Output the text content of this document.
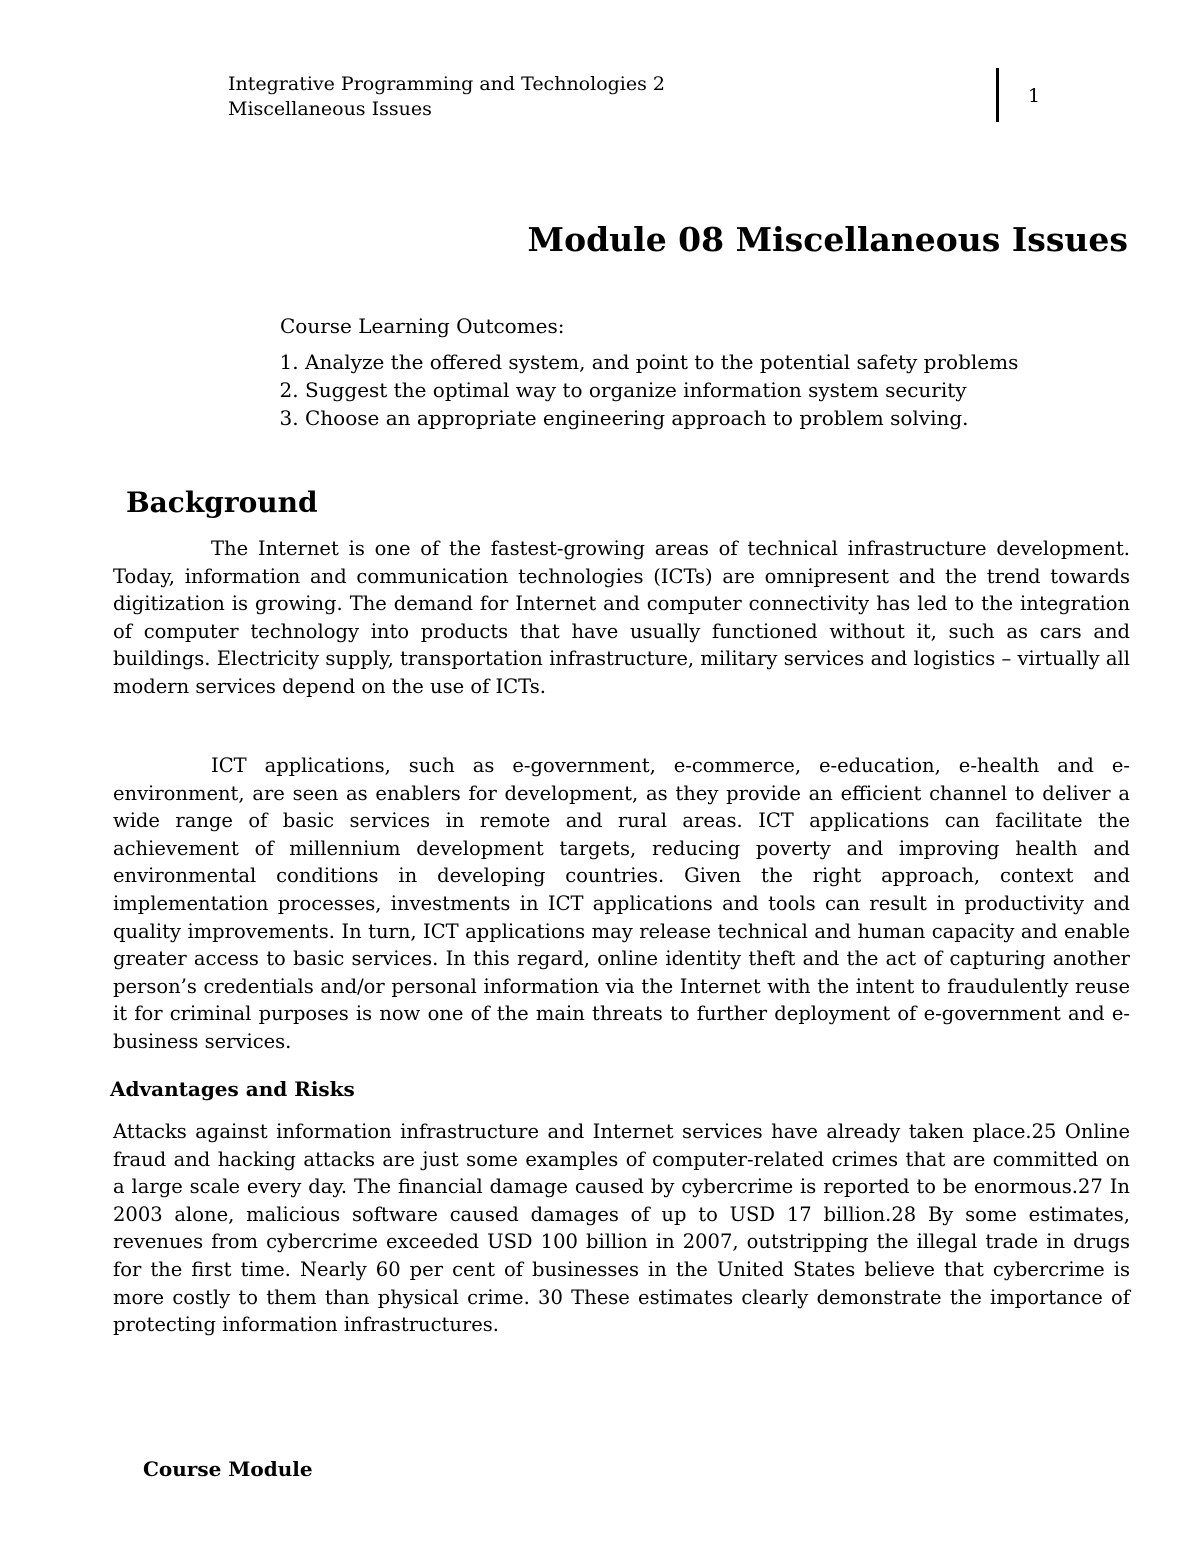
Integrative Programming and Technologies 2
Miscellaneous Issues
1
Module 08 Miscellaneous Issues
Course Learning Outcomes:
1. Analyze the offered system, and point to the potential safety problems
2. Suggest the optimal way to organize information system security
3. Choose an appropriate engineering approach to problem solving.
Background

The Internet is one of the fastest-growing areas of technical infrastructure development. Today, information and communication technologies (ICTs) are omnipresent and the trend towards digitization is growing. The demand for Internet and computer connectivity has led to the integration of computer technology into products that have usually functioned without it, such as cars and buildings. Electricity supply, transportation infrastructure, military services and logistics – virtually all modern services depend on the use of ICTs.

ICT applications, such as e-government, e-commerce, e-education, e-health and e-environment, are seen as enablers for development, as they provide an efficient channel to deliver a wide range of basic services in remote and rural areas. ICT applications can facilitate the achievement of millennium development targets, reducing poverty and improving health and environmental conditions in developing countries. Given the right approach, context and implementation processes, investments in ICT applications and tools can result in productivity and quality improvements. In turn, ICT applications may release technical and human capacity and enable greater access to basic services. In this regard, online identity theft and the act of capturing another person’s credentials and/or personal information via the Internet with the intent to fraudulently reuse it for criminal purposes is now one of the main threats to further deployment of e-government and e-business services.

Advantages and Risks

Attacks against information infrastructure and Internet services have already taken place.25 Online fraud and hacking attacks are just some examples of computer-related crimes that are committed on a large scale every day. The financial damage caused by cybercrime is reported to be enormous.27 In 2003 alone, malicious software caused damages of up to USD 17 billion.28 By some estimates, revenues from cybercrime exceeded USD 100 billion in 2007, outstripping the illegal trade in drugs for the first time. Nearly 60 per cent of businesses in the United States believe that cybercrime is more costly to them than physical crime. 30 These estimates clearly demonstrate the importance of protecting information infrastructures.

Course Module
